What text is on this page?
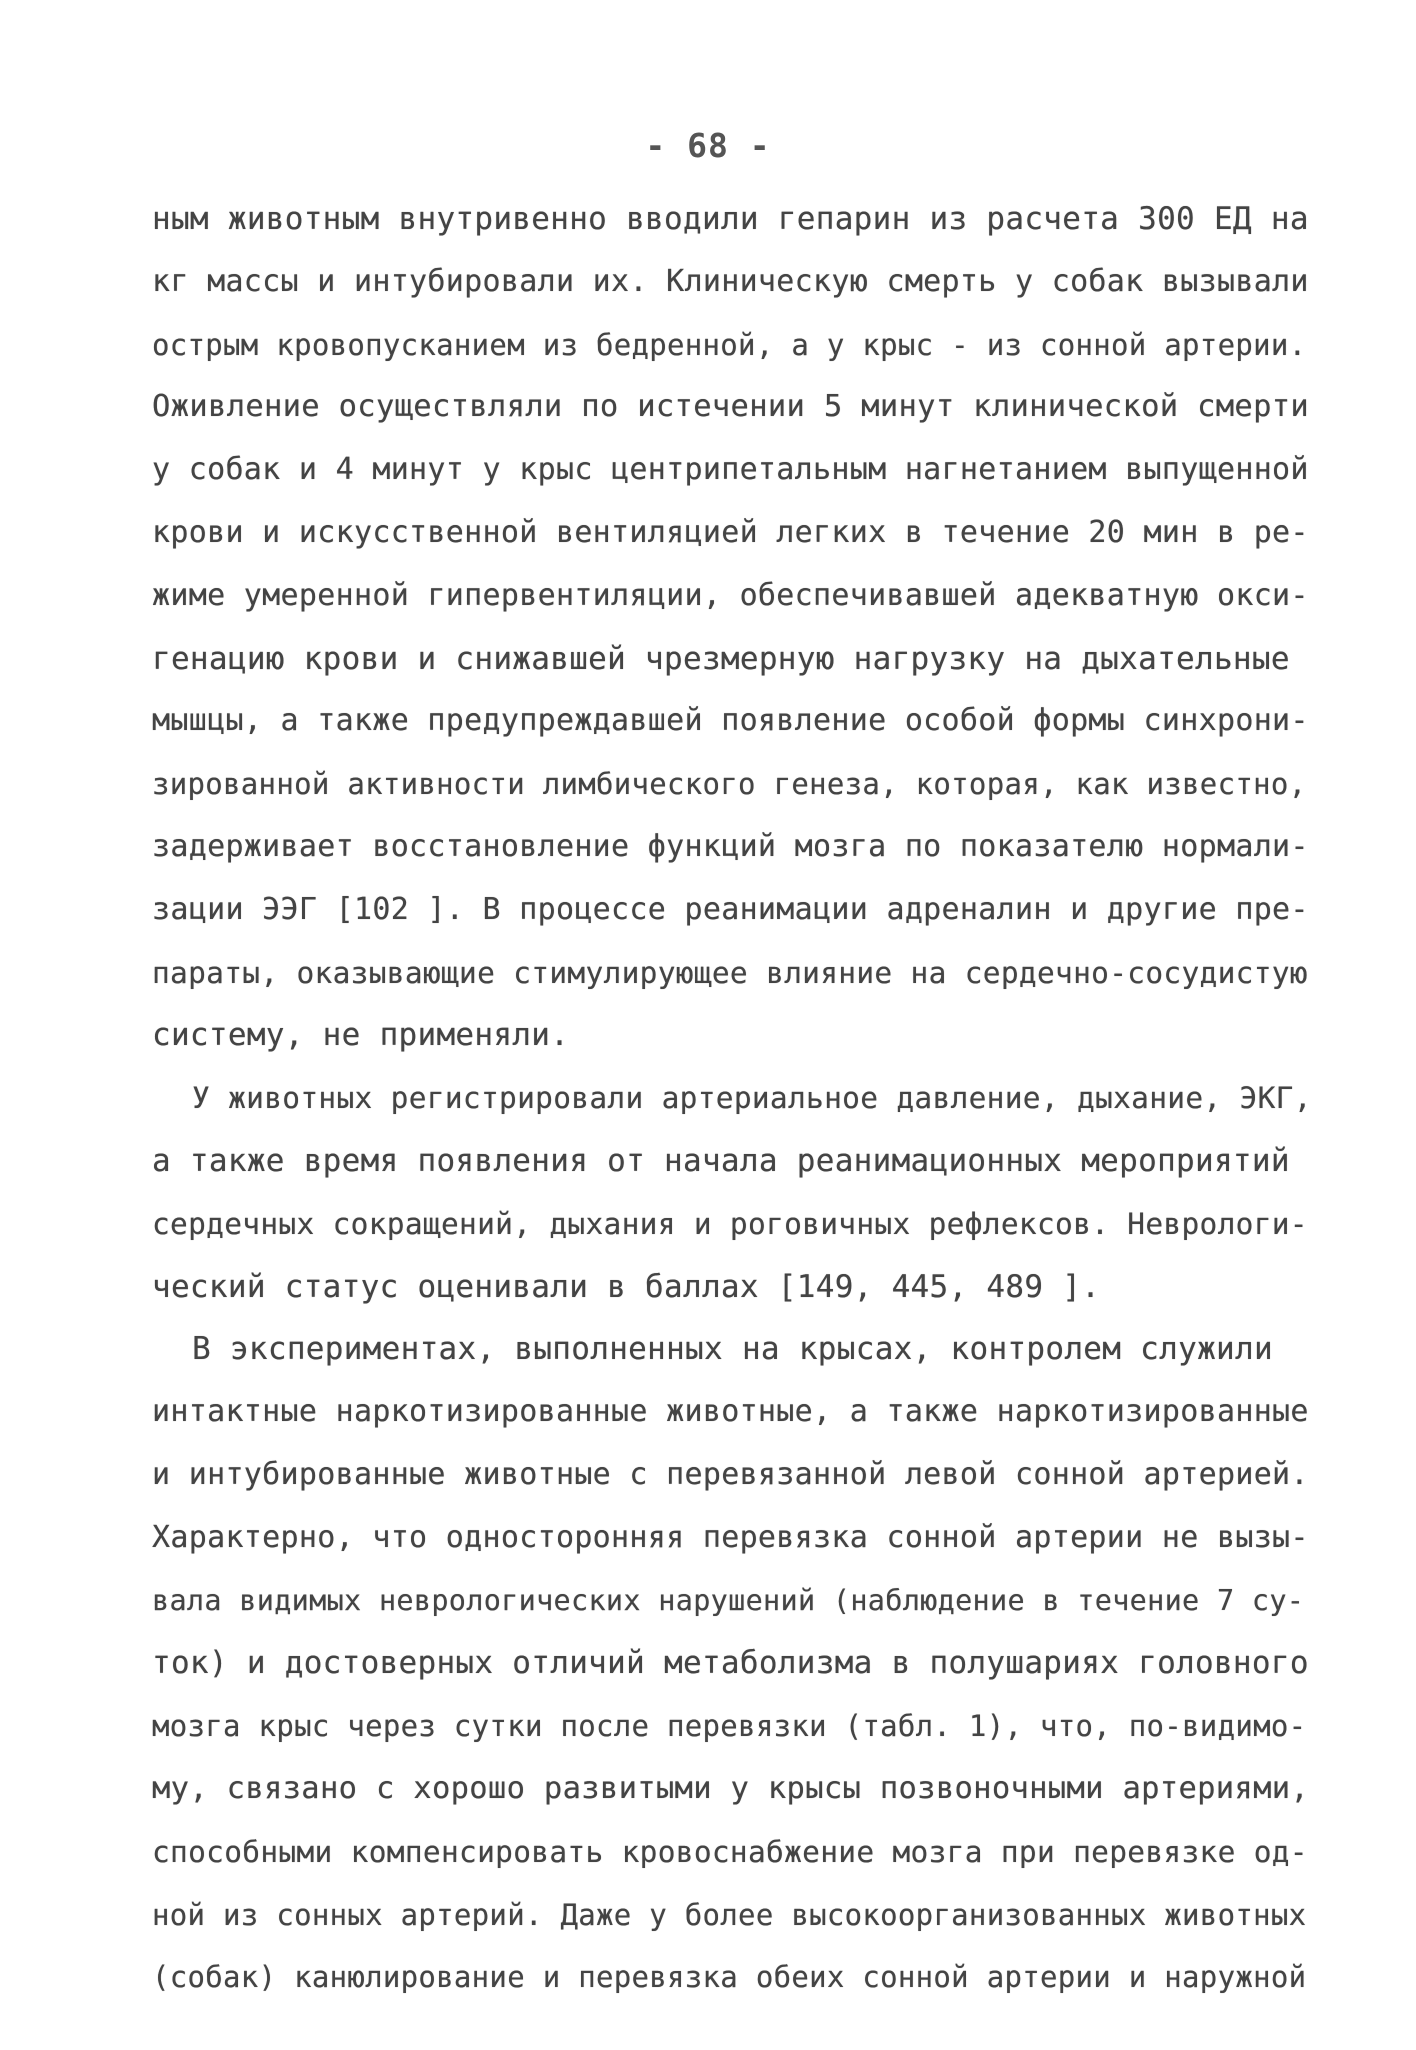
- 68 -
ным животным внутривенно вводили гепарин из расчета 300 ЕД на
кг массы и интубировали их. Клиническую смерть у собак вызывали
острым кровопусканием из бедренной, а у крыс - из сонной артерии.
Оживление осуществляли по истечении 5 минут клинической смерти
у собак и 4 минут у крыс центрипетальным нагнетанием выпущенной
крови и искусственной вентиляцией легких в течение 20 мин в ре-
жиме умеренной гипервентиляции, обеспечивавшей адекватную окси-
генацию крови и снижавшей чрезмерную нагрузку на дыхательные
мышцы, а также предупреждавшей появление особой формы синхрони-
зированной активности лимбического генеза, которая, как известно,
задерживает восстановление функций мозга по показателю нормали-
зации ЭЭГ [102 ]. В процессе реанимации адреналин и другие пре-
параты, оказывающие стимулирующее влияние на сердечно-сосудистую
систему, не применяли.
У животных регистрировали артериальное давление, дыхание, ЭКГ,
а также время появления от начала реанимационных мероприятий
сердечных сокращений, дыхания и роговичных рефлексов. Неврологи-
ческий статус оценивали в баллах [149, 445, 489 ].
В экспериментах, выполненных на крысах, контролем служили
интактные наркотизированные животные, а также наркотизированные
и интубированные животные с перевязанной левой сонной артерией.
Характерно, что односторонняя перевязка сонной артерии не вызы-
вала видимых неврологических нарушений (наблюдение в течение 7 су-
ток) и достоверных отличий метаболизма в полушариях головного
мозга крыс через сутки после перевязки (табл. 1), что, по-видимо-
му, связано с хорошо развитыми у крысы позвоночными артериями,
способными компенсировать кровоснабжение мозга при перевязке од-
ной из сонных артерий. Даже у более высокоорганизованных животных
(собак) канюлирование и перевязка обеих сонной артерии и наружной
